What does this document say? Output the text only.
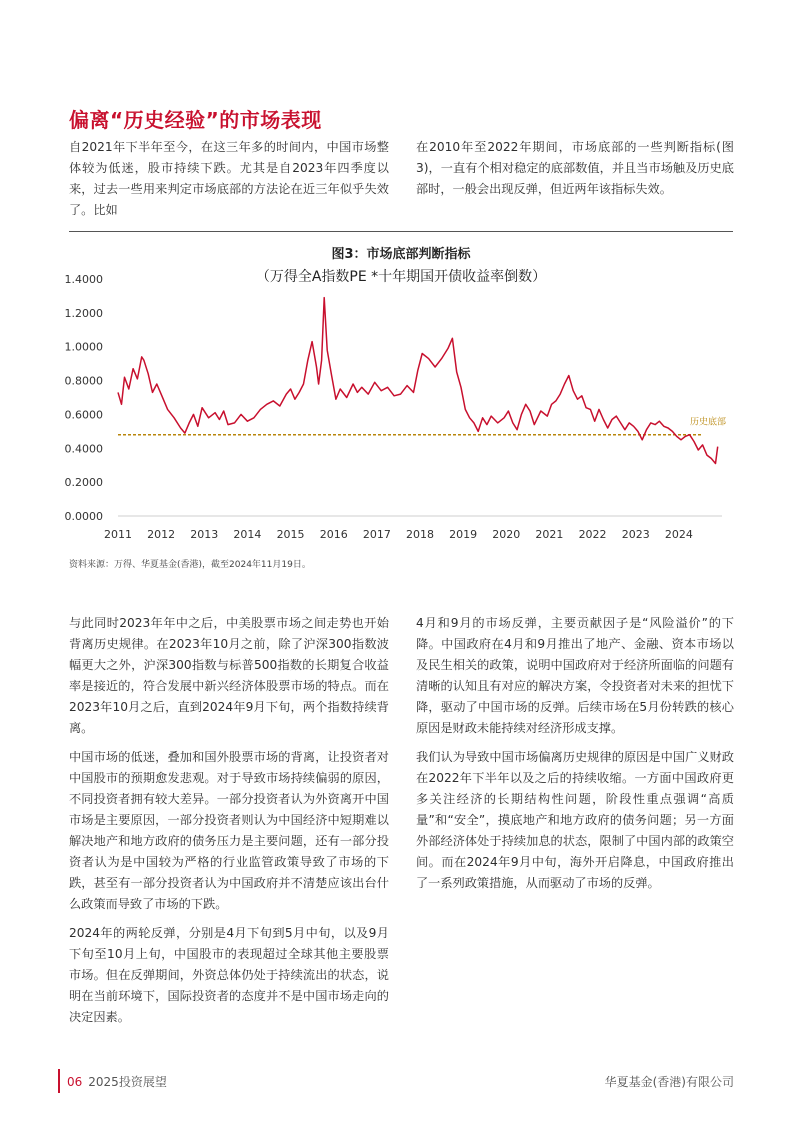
偏离“历史经验”的市场表现

自2021年下半年至今，在这三年多的时间内，中国市场整体较为低迷，股市持续下跌。尤其是自2023年四季度以来，过去一些用来判定市场底部的方法论在近三年似乎失效了。比如

在2010年至2022年期间，市场底部的一些判断指标(图3)，一直有个相对稳定的底部数值，并且当市场触及历史底部时，一般会出现反弹，但近两年该指标失效。

图3：市场底部判断指标
（万得全A指数PE *十年期国开债收益率倒数）
0.0000
0.2000
0.4000
0.6000
0.8000
1.0000
1.2000
1.4000
2011 2012 2013 2014 2015 2016 2017 2018 2019 2020 2021 2022 2023 2024
历史底部
资料来源：万得、华夏基金(香港)，截至2024年11月19日。

与此同时2023年年中之后，中美股票市场之间走势也开始背离历史规律。在2023年10月之前，除了沪深300指数波幅更大之外，沪深300指数与标普500指数的长期复合收益率是接近的，符合发展中新兴经济体股票市场的特点。而在2023年10月之后，直到2024年9月下旬，两个指数持续背离。

中国市场的低迷，叠加和国外股票市场的背离，让投资者对中国股市的预期愈发悲观。对于导致市场持续偏弱的原因，不同投资者拥有较大差异。一部分投资者认为外资离开中国市场是主要原因，一部分投资者则认为中国经济中短期难以解决地产和地方政府的债务压力是主要问题，还有一部分投资者认为是中国较为严格的行业监管政策导致了市场的下跌，甚至有一部分投资者认为中国政府并不清楚应该出台什么政策而导致了市场的下跌。

2024年的两轮反弹，分别是4月下旬到5月中旬，以及9月下旬至10月上旬，中国股市的表现超过全球其他主要股票市场。但在反弹期间，外资总体仍处于持续流出的状态，说明在当前环境下，国际投资者的态度并不是中国市场走向的决定因素。

4月和9月的市场反弹，主要贡献因子是“风险溢价”的下降。中国政府在4月和9月推出了地产、金融、资本市场以及民生相关的政策，说明中国政府对于经济所面临的问题有清晰的认知且有对应的解决方案，令投资者对未来的担忧下降，驱动了中国市场的反弹。后续市场在5月份转跌的核心原因是财政未能持续对经济形成支撑。

我们认为导致中国市场偏离历史规律的原因是中国广义财政在2022年下半年以及之后的持续收缩。一方面中国政府更多关注经济的长期结构性问题，阶段性重点强调“高质量”和“安全”，摸底地产和地方政府的债务问题；另一方面外部经济体处于持续加息的状态，限制了中国内部的政策空间。而在2024年9月中旬，海外开启降息，中国政府推出了一系列政策措施，从而驱动了市场的反弹。

06 2025投资展望	华夏基金(香港)有限公司
